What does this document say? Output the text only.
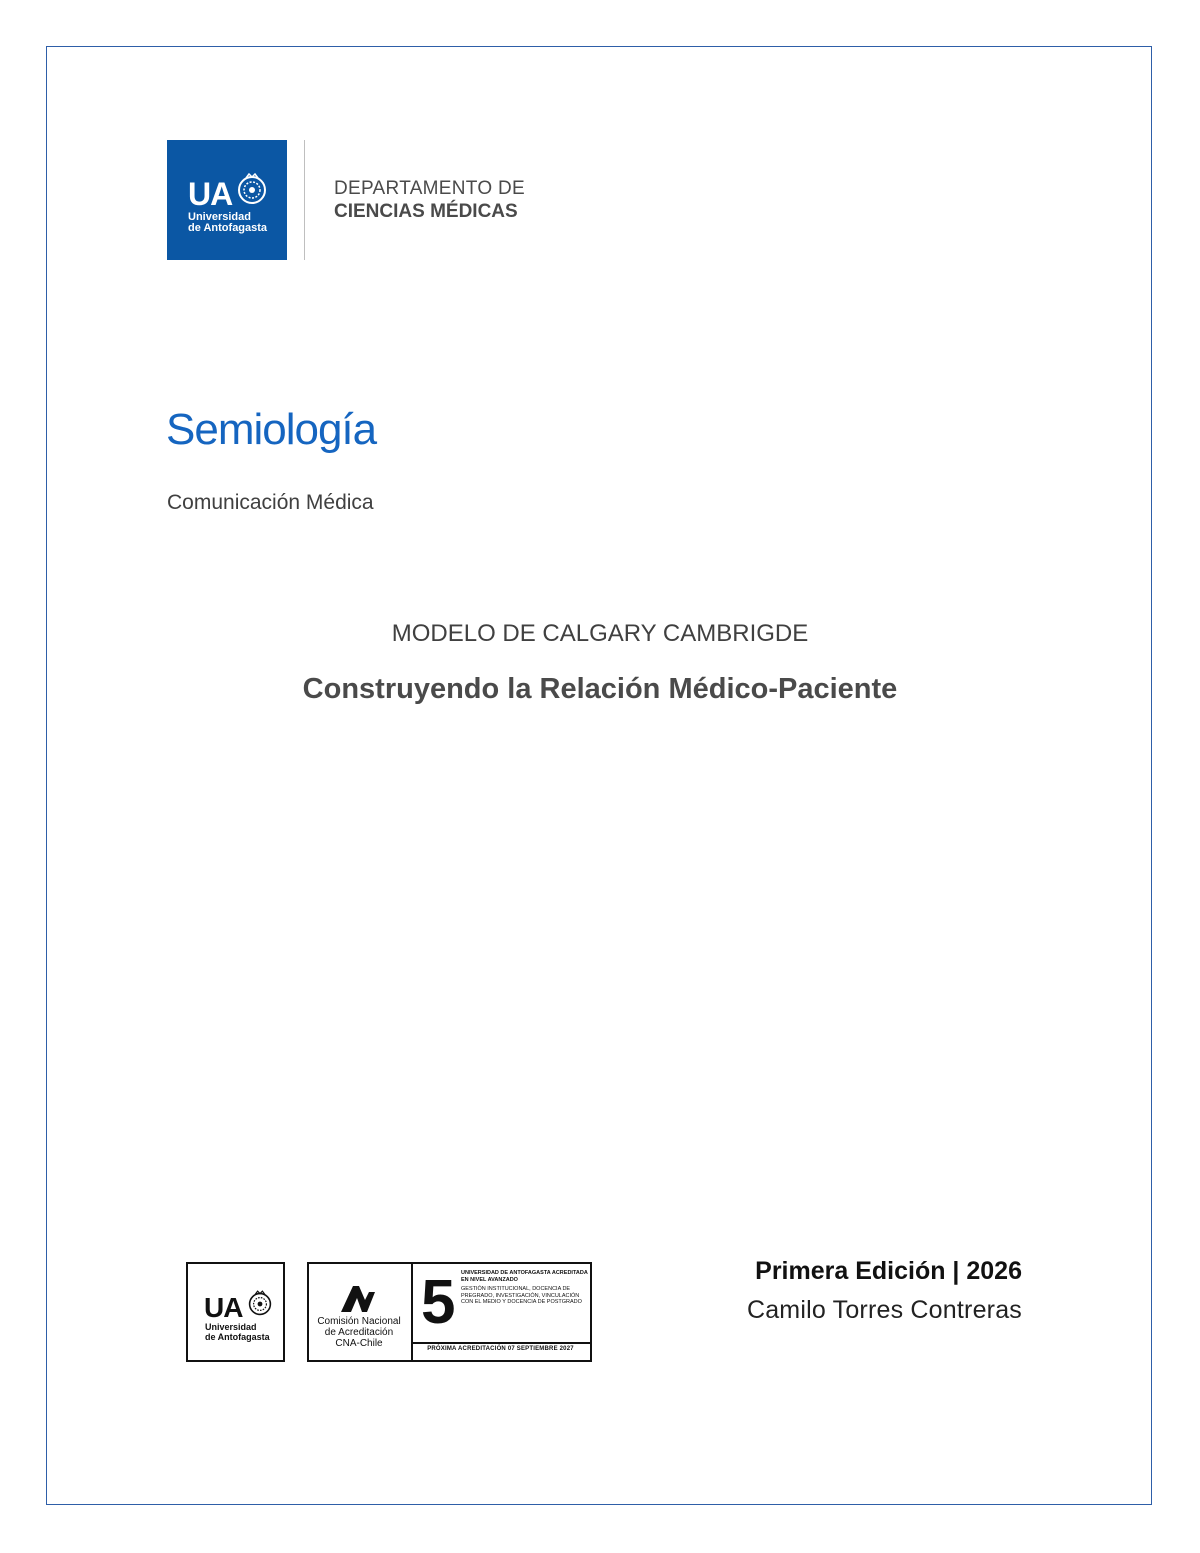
UA
Universidad
de Antofagasta
DEPARTAMENTO DE
CIENCIAS MÉDICAS
Semiología
Comunicación Médica
MODELO DE CALGARY CAMBRIGDE
Construyendo la Relación Médico-Paciente
UA
Universidad
de Antofagasta
Comisión Nacional
de Acreditación
CNA-Chile
5 UNIVERSIDAD DE ANTOFAGASTA ACREDITADA EN NIVEL AVANZADO
GESTIÓN INSTITUCIONAL, DOCENCIA DE PREGRADO, INVESTIGACIÓN, VINCULACIÓN CON EL MEDIO Y DOCENCIA DE POSTGRADO
PRÓXIMA ACREDITACIÓN 07 SEPTIEMBRE 2027
Primera Edición | 2026
Camilo Torres Contreras
